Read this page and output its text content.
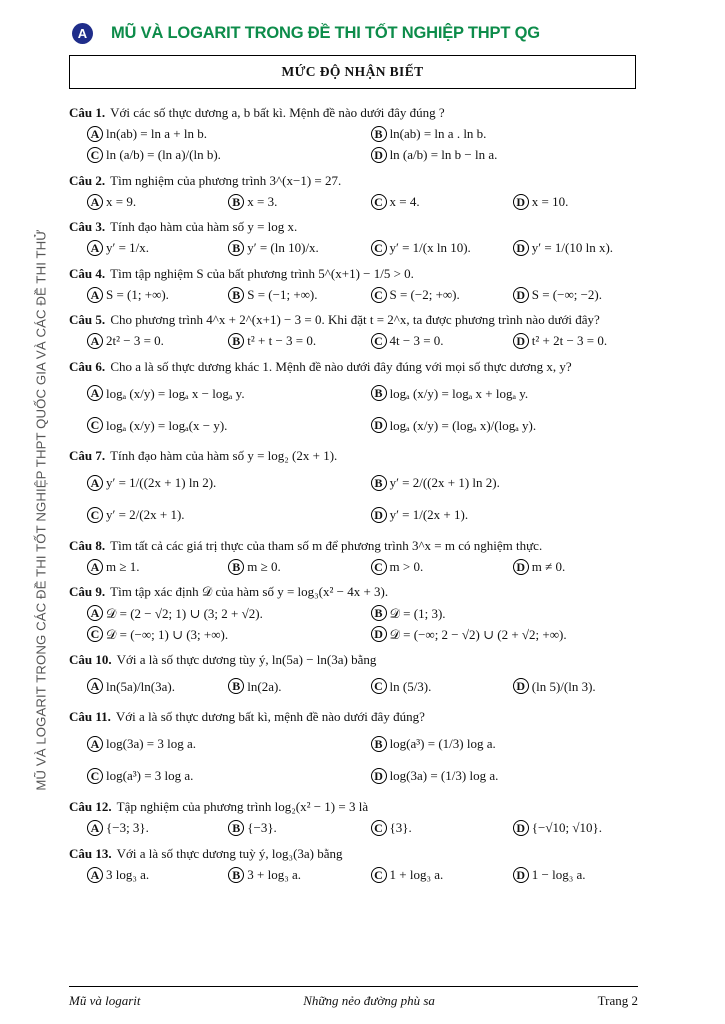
MŨ VÀ LOGARIT TRONG CÁC ĐỀ THI TỐT NGHIỆP THPT QUỐC GIA VÀ CÁC ĐỀ THI THỬ
A	MŨ VÀ LOGARIT TRONG ĐỀ THI TỐT NGHIỆP THPT QG
MỨC ĐỘ NHẬN BIẾT
Câu 1. Với các số thực dương a, b bất kì. Mệnh đề nào dưới đây đúng ?
A ln(ab) = ln a + ln b.	B ln(ab) = ln a . ln b.
C ln (a/b) = (ln a)/(ln b).	D ln (a/b) = ln b − ln a.
Câu 2. Tìm nghiệm của phương trình 3^(x−1) = 27.
A x = 9.	B x = 3.	C x = 4.	D x = 10.
Câu 3. Tính đạo hàm của hàm số y = log x.
A y′ = 1/x.	B y′ = (ln 10)/x.	C y′ = 1/(x ln 10).	D y′ = 1/(10 ln x).
Câu 4. Tìm tập nghiệm S của bất phương trình 5^(x+1) − 1/5 > 0.
A S = (1; +∞).	B S = (−1; +∞).	C S = (−2; +∞).	D S = (−∞; −2).
Câu 5. Cho phương trình 4^x + 2^(x+1) − 3 = 0. Khi đặt t = 2^x, ta được phương trình nào dưới đây?
A 2t² − 3 = 0.	B t² + t − 3 = 0.	C 4t − 3 = 0.	D t² + 2t − 3 = 0.
Câu 6. Cho a là số thực dương khác 1. Mệnh đề nào dưới đây đúng với mọi số thực dương x, y?
A logₐ (x/y) = logₐ x − logₐ y.	B logₐ (x/y) = logₐ x + logₐ y.
C logₐ (x/y) = logₐ(x − y).	D logₐ (x/y) = (logₐ x)/(logₐ y).
Câu 7. Tính đạo hàm của hàm số y = log₂ (2x + 1).
A y′ = 1/((2x + 1) ln 2).	B y′ = 2/((2x + 1) ln 2).
C y′ = 2/(2x + 1).	D y′ = 1/(2x + 1).
Câu 8. Tìm tất cả các giá trị thực của tham số m để phương trình 3^x = m có nghiệm thực.
A m ≥ 1.	B m ≥ 0.	C m > 0.	D m ≠ 0.
Câu 9. Tìm tập xác định 𝒟 của hàm số y = log₃(x² − 4x + 3).
A 𝒟 = (2 − √2; 1) ∪ (3; 2 + √2).	B 𝒟 = (1; 3).
C 𝒟 = (−∞; 1) ∪ (3; +∞).	D 𝒟 = (−∞; 2 − √2) ∪ (2 + √2; +∞).
Câu 10. Với a là số thực dương tùy ý, ln(5a) − ln(3a) bằng
A ln(5a)/ln(3a).	B ln(2a).	C ln (5/3).	D (ln 5)/(ln 3).
Câu 11. Với a là số thực dương bất kì, mệnh đề nào dưới đây đúng?
A log(3a) = 3 log a.	B log(a³) = (1/3) log a.
C log(a³) = 3 log a.	D log(3a) = (1/3) log a.
Câu 12. Tập nghiệm của phương trình log₂(x² − 1) = 3 là
A {−3; 3}.	B {−3}.	C {3}.	D {−√10; √10}.
Câu 13. Với a là số thực dương tuỳ ý, log₃(3a) bằng
A 3 log₃ a.	B 3 + log₃ a.	C 1 + log₃ a.	D 1 − log₃ a.
Mũ và logarit	Những nẻo đường phù sa	Trang 2
